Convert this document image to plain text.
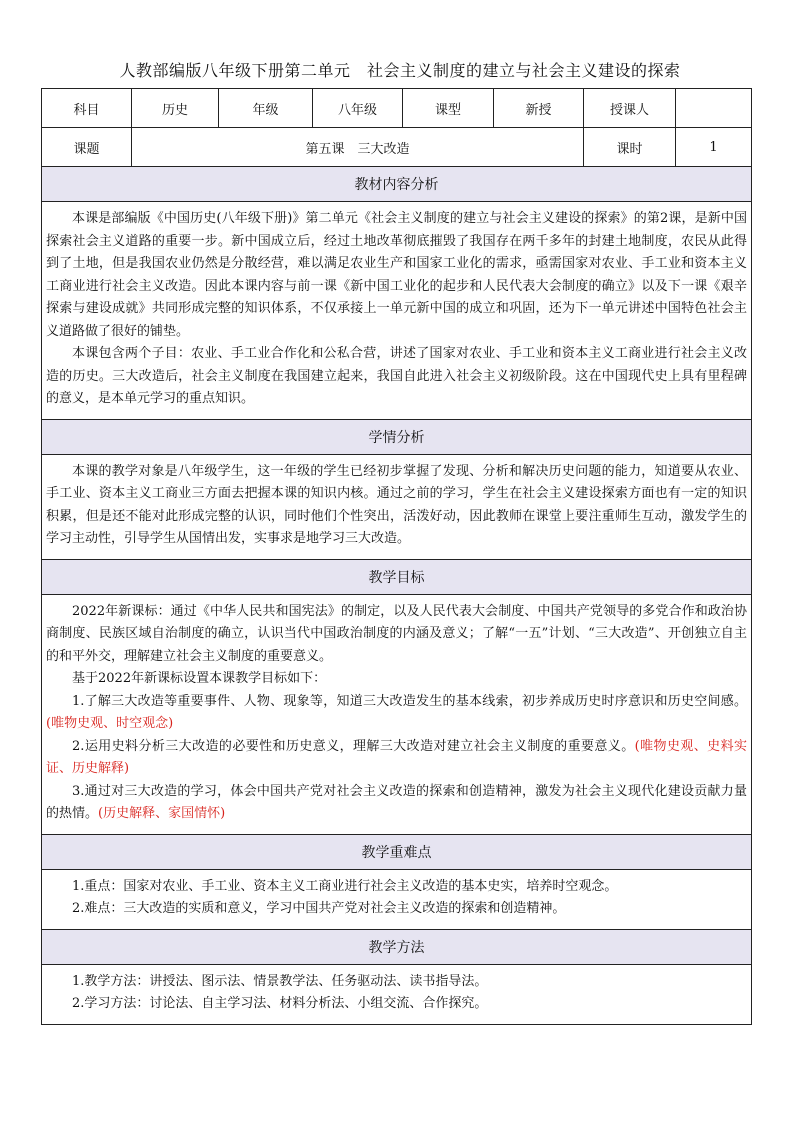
人教部编版八年级下册第二单元　社会主义制度的建立与社会主义建设的探索
科目	历史	年级	八年级	课型	新授	授课人	
课题	第五课　三大改造					课时	1
教材内容分析							

本课是部编版《中国历史(八年级下册)》第二单元《社会主义制度的建立与社会主义建设的探索》的第2课，是新中国探索社会主义道路的重要一步。新中国成立后，经过土地改革彻底摧毁了我国存在两千多年的封建土地制度，农民从此得到了土地，但是我国农业仍然是分散经营，难以满足农业生产和国家工业化的需求，亟需国家对农业、手工业和资本主义工商业进行社会主义改造。因此本课内容与前一课《新中国工业化的起步和人民代表大会制度的确立》以及下一课《艰辛探索与建设成就》共同形成完整的知识体系，不仅承接上一单元新中国的成立和巩固，还为下一单元讲述中国特色社会主义道路做了很好的铺垫。

本课包含两个子目：农业、手工业合作化和公私合营，讲述了国家对农业、手工业和资本主义工商业进行社会主义改造的历史。三大改造后，社会主义制度在我国建立起来，我国自此进入社会主义初级阶段。这在中国现代史上具有里程碑的意义，是本单元学习的重点知识。							

学情分析							

本课的教学对象是八年级学生，这一年级的学生已经初步掌握了发现、分析和解决历史问题的能力，知道要从农业、手工业、资本主义工商业三方面去把握本课的知识内核。通过之前的学习，学生在社会主义建设探索方面也有一定的知识积累，但是还不能对此形成完整的认识，同时他们个性突出，活泼好动，因此教师在课堂上要注重师生互动，激发学生的学习主动性，引导学生从国情出发，实事求是地学习三大改造。							

教学目标							

2022年新课标：通过《中华人民共和国宪法》的制定，以及人民代表大会制度、中国共产党领导的多党合作和政治协商制度、民族区域自治制度的确立，认识当代中国政治制度的内涵及意义；了解“一五”计划、“三大改造”、开创独立自主的和平外交，理解建立社会主义制度的重要意义。

基于2022年新课标设置本课教学目标如下：

1.了解三大改造等重要事件、人物、现象等，知道三大改造发生的基本线索，初步养成历史时序意识和历史空间感。(唯物史观、时空观念)

2.运用史料分析三大改造的必要性和历史意义，理解三大改造对建立社会主义制度的重要意义。(唯物史观、史料实证、历史解释)

3.通过对三大改造的学习，体会中国共产党对社会主义改造的探索和创造精神，激发为社会主义现代化建设贡献力量的热情。(历史解释、家国情怀)							

教学重难点							

1.重点：国家对农业、手工业、资本主义工商业进行社会主义改造的基本史实，培养时空观念。

2.难点：三大改造的实质和意义，学习中国共产党对社会主义改造的探索和创造精神。							

教学方法							

1.教学方法：讲授法、图示法、情景教学法、任务驱动法、读书指导法。

2.学习方法：讨论法、自主学习法、材料分析法、小组交流、合作探究。							
